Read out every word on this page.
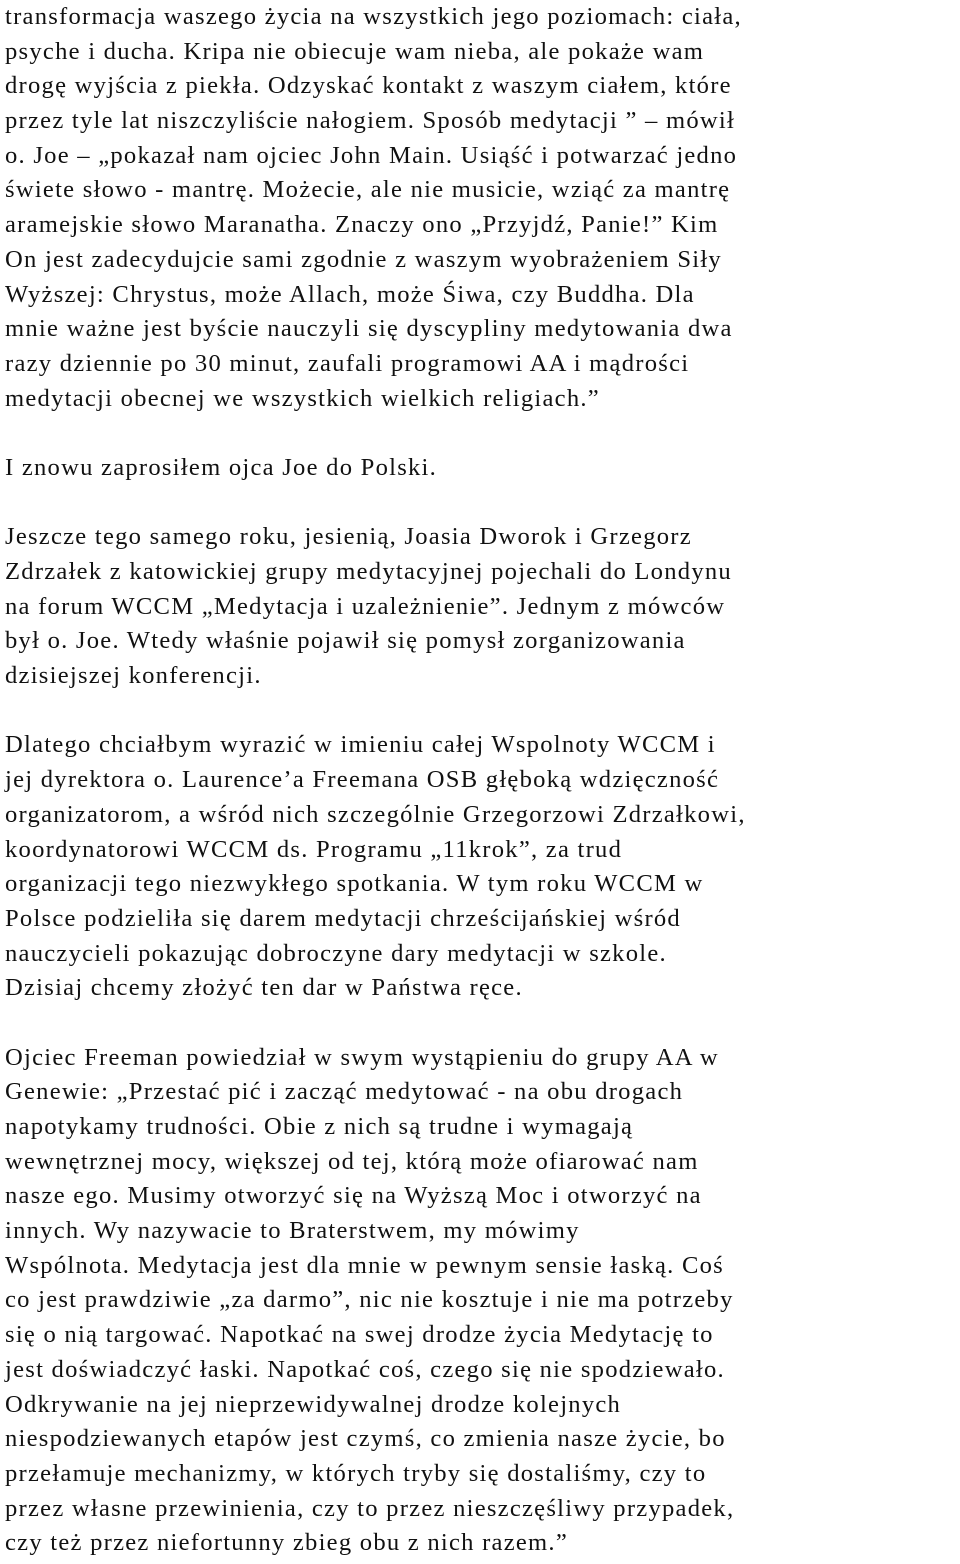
transformacja waszego życia na wszystkich jego poziomach: ciała,
psyche i ducha. Kripa nie obiecuje wam nieba, ale pokaże wam
drogę wyjścia z piekła. Odzyskać kontakt z waszym ciałem, które
przez tyle lat niszczyliście nałogiem. Sposób medytacji ” – mówił
o. Joe – „pokazał nam ojciec John Main. Usiąść i potwarzać jedno
świete słowo - mantrę. Możecie, ale nie musicie, wziąć za mantrę
aramejskie słowo Maranatha. Znaczy ono „Przyjdź, Panie!” Kim
On jest zadecydujcie sami zgodnie z waszym wyobrażeniem Siły
Wyższej: Chrystus, może Allach, może Śiwa, czy Buddha. Dla
mnie ważne jest byście nauczyli się dyscypliny medytowania dwa
razy dziennie po 30 minut, zaufali programowi AA i mądrości
medytacji obecnej we wszystkich wielkich religiach.”
I znowu zaprosiłem ojca Joe do Polski.
Jeszcze tego samego roku, jesienią, Joasia Dworok i Grzegorz
Zdrzałek z katowickiej grupy medytacyjnej pojechali do Londynu
na forum WCCM „Medytacja i uzależnienie”. Jednym z mówców
był o. Joe. Wtedy właśnie pojawił się pomysł zorganizowania
dzisiejszej konferencji.
Dlatego chciałbym wyrazić w imieniu całej Wspolnoty WCCM i
jej dyrektora o. Laurence’a Freemana OSB głęboką wdzięczność
organizatorom, a wśród nich szczególnie Grzegorzowi Zdrzałkowi,
koordynatorowi WCCM ds. Programu „11krok”, za trud
organizacji tego niezwykłego spotkania. W tym roku WCCM w
Polsce podzieliła się darem medytacji chrześcijańskiej wśród
nauczycieli pokazując dobroczyne dary medytacji w szkole.
Dzisiaj chcemy złożyć ten dar w Państwa ręce.
Ojciec Freeman powiedział w swym wystąpieniu do grupy AA w
Genewie: „Przestać pić i zacząć medytować - na obu drogach
napotykamy trudności. Obie z nich są trudne i wymagają
wewnętrznej mocy, większej od tej, którą może ofiarować nam
nasze ego. Musimy otworzyć się na Wyższą Moc i otworzyć na
innych. Wy nazywacie to Braterstwem, my mówimy
Wspólnota. Medytacja jest dla mnie w pewnym sensie łaską. Coś
co jest prawdziwie „za darmo”, nic nie kosztuje i nie ma potrzeby
się o nią targować. Napotkać na swej drodze życia Medytację to
jest doświadczyć łaski. Napotkać coś, czego się nie spodziewało.
Odkrywanie na jej nieprzewidywalnej drodze kolejnych
niespodziewanych etapów jest czymś, co zmienia nasze życie, bo
przełamuje mechanizmy, w których tryby się dostaliśmy, czy to
przez własne przewinienia, czy to przez nieszczęśliwy przypadek,
czy też przez niefortunny zbieg obu z nich razem.”
